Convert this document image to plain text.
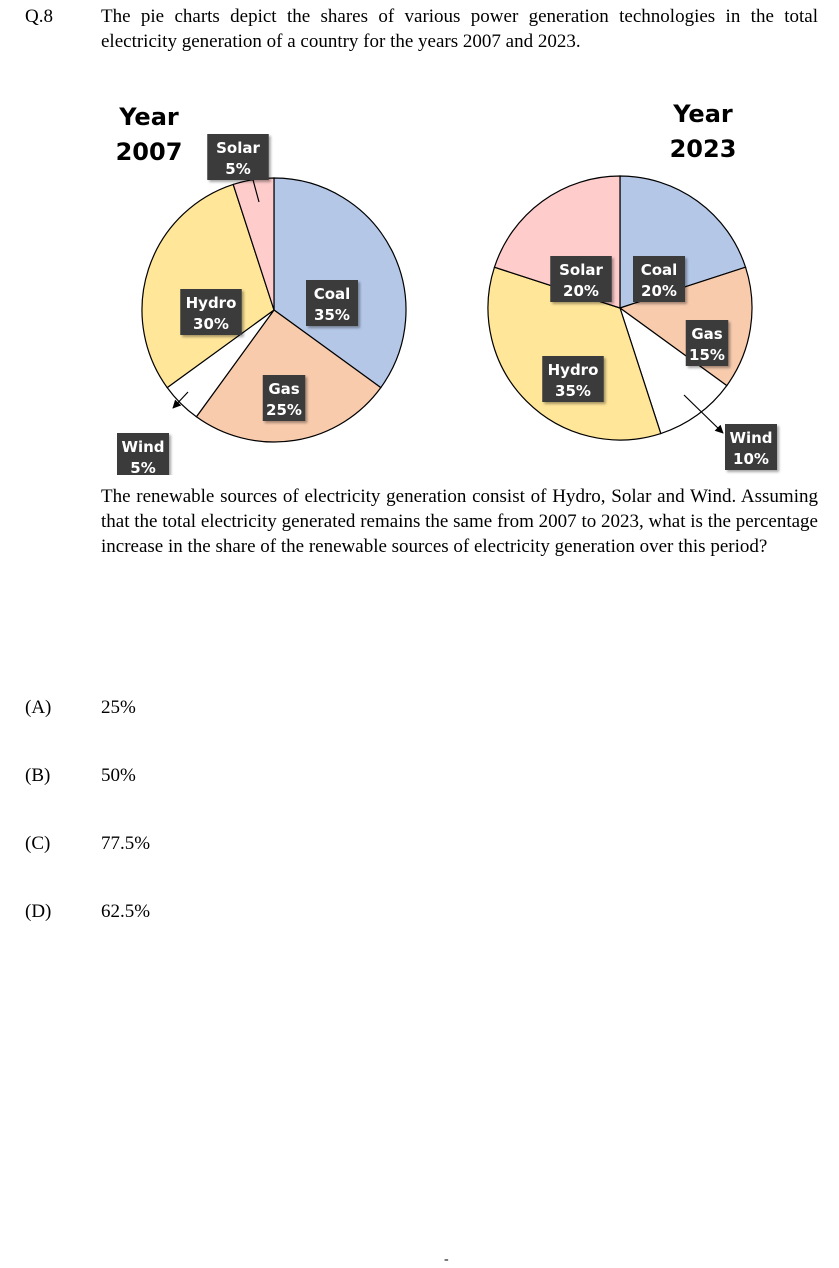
Q.8	The pie charts depict the shares of various power generation technologies in the total electricity generation of a country for the years 2007 and 2023.
Year
2007
Coal
35%
Gas
25%
Wind
5%
Hydro
30%
Solar
5%
Year
2023
Coal
20%
Gas
15%
Wind
10%
Hydro
35%
Solar
20%
The renewable sources of electricity generation consist of Hydro, Solar and Wind. Assuming that the total electricity generated remains the same from 2007 to 2023, what is the percentage increase in the share of the renewable sources of electricity generation over this period?
(A)	25%
(B)	50%
(C)	77.5%
(D)	62.5%
-
